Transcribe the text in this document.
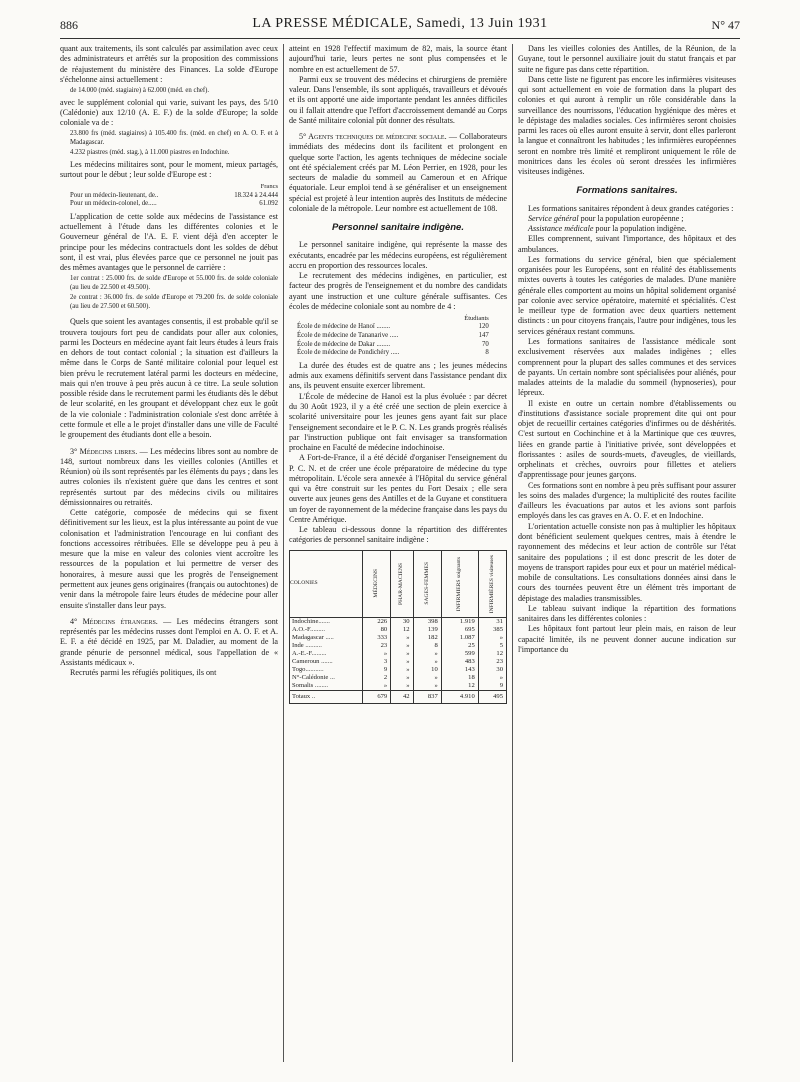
886	LA PRESSE MÉDICALE, Samedi, 13 Juin 1931	N° 47

quant aux traitements, ils sont calculés par assimilation avec ceux des administrateurs et arrêtés sur la proposition des commissions de réajustement du ministère des Finances. La solde d'Europe s'échelonne ainsi actuellement :

de 14.000 (méd. stagiaire) à 62.000 (méd. en chef).

avec le supplément colonial qui varie, suivant les pays, des 5/10 (Calédonie) aux 12/10 (A. E. F.) de la solde d'Europe; la solde coloniale va de :

23.800 frs (méd. stagiaires) à 105.400 frs. (méd. en chef) en A. O. F. et à Madagascar.

4.232 piastres (méd. stag.), à 11.000 piastres en Indochine.

Les médecins militaires sont, pour le moment, mieux partagés, surtout pour le début ; leur solde d'Europe est :

	Francs
Pour un médecin-lieutenant, de..	18.324 à 24.444
Pour un médecin-colonel, de.....	61.092

L'application de cette solde aux médecins de l'assistance est actuellement à l'étude dans les différentes colonies et le Gouverneur général de l'A. E. F. vient déjà d'en accepter le principe pour les médecins contractuels dont les soldes de début sont, il est vrai, plus élevées parce que ce personnel ne jouit pas des mêmes avantages que le personnel de carrière :

1er contrat : 25.000 frs. de solde d'Europe et 55.000 frs. de solde coloniale (au lieu de 22.500 et 49.500).

2e contrat : 36.000 frs. de solde d'Europe et 79.200 frs. de solde coloniale (au lieu de 27.500 et 60.500).

Quels que soient les avantages consentis, il est probable qu'il se trouvera toujours fort peu de candidats pour aller aux colonies, parmi les Docteurs en médecine ayant fait leurs études à leurs frais en dehors de tout contact colonial ; la situation est d'ailleurs la même dans le Corps de Santé militaire colonial pour lequel est bien prévu le recrutement latéral parmi les docteurs en médecine, mais qui n'en trouve à peu près aucun à ce titre. La seule solution possible réside dans le recrutement parmi les étudiants dès le début de leur scolarité, en les groupant et développant chez eux le goût de la vie coloniale : l'administration coloniale s'est donc arrêtée à cette formule et elle a le projet d'installer dans une ville de Faculté le groupement des étudiants dont elle a besoin.

3° Médecins libres. — Les médecins libres sont au nombre de 148, surtout nombreux dans les vieilles colonies (Antilles et Réunion) où ils sont représentés par les éléments du pays ; dans les autres colonies ils n'existent guère que dans les centres et sont représentés surtout par des médecins civils ou militaires démissionnaires ou retraités.

Cette catégorie, composée de médecins qui se fixent définitivement sur les lieux, est la plus intéressante au point de vue colonisation et l'administration l'encourage en lui confiant des fonctions accessoires rétribuées. Elle se développe peu à peu à mesure que la mise en valeur des colonies vient accroître les ressources de la population et lui permettre de verser des honoraires, à mesure aussi que les progrès de l'enseignement permettent aux jeunes gens originaires (français ou autochtones) de venir dans la métropole faire leurs études de médecine pour aller ensuite s'installer dans leur pays.

4° Médecins étrangers. — Les médecins étrangers sont représentés par les médecins russes dont l'emploi en A. O. F. et A. E. F. a été décidé en 1925, par M. Daladier, au moment de la grande pénurie de personnel médical, sous l'appellation de « Assistants médicaux ».

Recrutés parmi les réfugiés politiques, ils ont

atteint en 1928 l'effectif maximum de 82, mais, la source étant aujourd'hui tarie, leurs pertes ne sont plus compensées et le nombre en est actuellement de 57.

Parmi eux se trouvent des médecins et chirurgiens de première valeur. Dans l'ensemble, ils sont appliqués, travailleurs et dévoués et ils ont apporté une aide importante pendant les années difficiles ou il fallait attendre que l'effort d'accroissement demandé au Corps de Santé militaire colonial pût donner des résultats.

5° Agents techniques de médecine sociale. — Collaborateurs immédiats des médecins dont ils facilitent et prolongent en quelque sorte l'action, les agents techniques de médecine sociale ont été spécialement créés par M. Léon Perrier, en 1928, pour les secteurs de maladie du sommeil au Cameroun et en Afrique équatoriale. Leur emploi tend à se généraliser et un enseignement spécial est projeté à leur intention auprès des Instituts de médecine coloniale de la métropole. Leur nombre est actuellement de 108.

Personnel sanitaire indigène.

Le personnel sanitaire indigène, qui représente la masse des exécutants, encadrée par les médecins européens, est régulièrement accru en proportion des ressources locales.

Le recrutement des médecins indigènes, en particulier, est facteur des progrès de l'enseignement et du nombre des candidats ayant une instruction et une culture générale suffisantes. Ces écoles de médecine coloniale sont au nombre de 4 :

	Étudiants
École de médecine de Hanoï ........	120
École de médecine de Tananarive .....	147
École de médecine de Dakar ........	70
École de médecine de Pondichéry .....	8

La durée des études est de quatre ans ; les jeunes médecins admis aux examens définitifs servent dans l'assistance pendant dix ans, ils peuvent ensuite exercer librement.

L'École de médecine de Hanoï est la plus évoluée : par décret du 30 Août 1923, il y a été créé une section de plein exercice à scolarité universitaire pour les jeunes gens ayant fait sur place l'enseignement secondaire et le P. C. N. Les grands progrès réalisés par l'instruction publique ont fait envisager sa transformation prochaine en Faculté de médecine indochinoise.

A Fort-de-France, il a été décidé d'organiser l'enseignement du P. C. N. et de créer une école préparatoire de médecine du type métropolitain. L'école sera annexée à l'Hôpital du service général qui va être construit sur les pentes du Fort Desaix ; elle sera ouverte aux jeunes gens des Antilles et de la Guyane et constituera un foyer de rayonnement de la médecine française dans les pays du Centre Amérique.

Le tableau ci-dessous donne la répartition des différentes catégories de personnel sanitaire indigène :

COLONIES	MÉDECINS	PHAR-MACIENS	SAGES-FEMMES	INFIRMIERS soignants	INFIRMIÈRES visiteuses

Indochine.......	226	30	398	1.919	31
A.O.-F.........	80	12	139	695	385
Madagascar .....	333	»	182	1.087	»
Inde ..........	23	»	8	25	5
A.-E.-F.........	»	»	»	599	12
Cameroun .......	3	»	»	483	23
Togo...........	9	»	10	143	30
N°-Calédonie ...	2	»	»	18	»
Somalis ........	»	»	»	12	9
Totaux ..	679	42	837	4.910	495

Dans les vieilles colonies des Antilles, de la Réunion, de la Guyane, tout le personnel auxiliaire jouit du statut français et par suite ne figure pas dans cette répartition.

Dans cette liste ne figurent pas encore les infirmières visiteuses qui sont actuellement en voie de formation dans la plupart des colonies et qui auront à remplir un rôle considérable dans la surveillance des nourrissons, l'éducation hygiénique des mères et le dépistage des maladies sociales. Ces infirmières seront choisies parmi les races où elles auront ensuite à servir, dont elles parleront la langue et connaîtront les habitudes ; les infirmières européennes seront en nombre très limité et rempliront uniquement le rôle de monitrices dans les écoles où seront dressées les infirmières visiteuses indigènes.

Formations sanitaires.

Les formations sanitaires répondent à deux grandes catégories :

Service général pour la population européenne ;

Assistance médicale pour la population indigène.

Elles comprennent, suivant l'importance, des hôpitaux et des ambulances.

Les formations du service général, bien que spécialement organisées pour les Européens, sont en réalité des établissements mixtes ouverts à toutes les catégories de malades. D'une manière générale elles comportent au moins un hôpital solidement organisé par colonie avec service opératoire, maternité et spécialités. C'est le meilleur type de formation avec deux quartiers nettement distincts : un pour citoyens français, l'autre pour indigènes, tous les services généraux restant communs.

Les formations sanitaires de l'assistance médicale sont exclusivement réservées aux malades indigènes ; elles comprennent pour la plupart des salles communes et des services de payants. Un certain nombre sont spécialisées pour aliénés, pour malades atteints de la maladie du sommeil (hypnoseries), pour lépreux.

Il existe en outre un certain nombre d'établissements ou d'institutions d'assistance sociale proprement dite qui ont pour objet de recueillir certaines catégories d'infirmes ou de déshérités. C'est surtout en Cochinchine et à la Martinique que ces œuvres, liées en grande partie à l'initiative privée, sont développées et florissantes : asiles de sourds-muets, d'aveugles, de vieillards, orphelinats et crèches, ouvroirs pour fillettes et ateliers d'apprentissage pour jeunes garçons.

Ces formations sont en nombre à peu près suffisant pour assurer les soins des malades d'urgence; la multiplicité des routes facilite d'ailleurs les évacuations par autos et les avions sont parfois employés dans les cas graves en A. O. F. et en Indochine.

L'orientation actuelle consiste non pas à multiplier les hôpitaux dont bénéficient seulement quelques centres, mais à étendre le rayonnement des médecins et leur action de contrôle sur l'état sanitaire des populations ; il est donc prescrit de les doter de moyens de transport rapides pour eux et pour un matériel médical-mobile de consultations. Les consultations données ainsi dans le cours des tournées peuvent être un élément très important de dépistage des maladies transmissibles.

Le tableau suivant indique la répartition des formations sanitaires dans les différentes colonies :

Les hôpitaux font partout leur plein mais, en raison de leur capacité limitée, ils ne peuvent donner aucune indication sur l'importance du
